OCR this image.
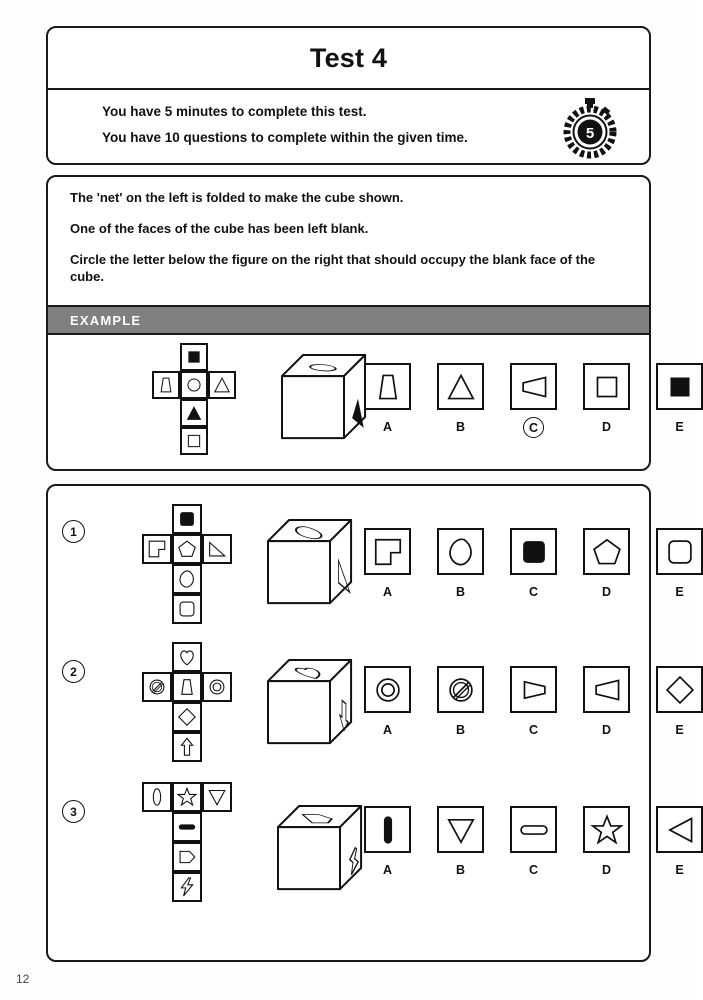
Test 4
You have 5 minutes to complete this test.
You have 10 questions to complete within the given time.	5

The 'net' on the left is folded to make the cube shown.

One of the faces of the cube has been left blank.

Circle the letter below the figure on the right that should occupy the blank face of the cube.

EXAMPLE
A	B	C	D	E
1
A	B	C	D	E
2
A	B	C	D	E
3
A	B	C	D	E
12
